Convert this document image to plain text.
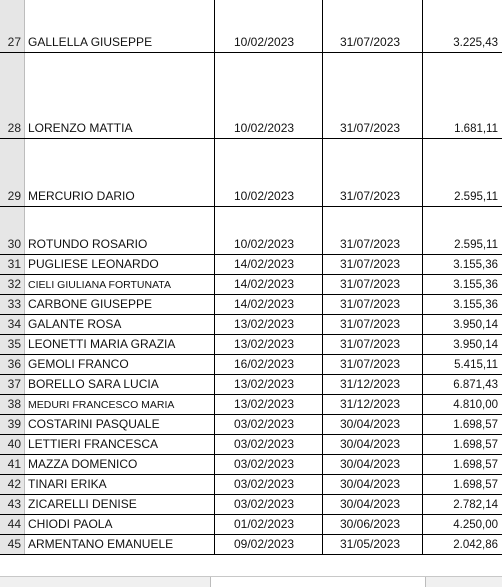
27 GALLELLA GIUSEPPE	10/02/2023	31/07/2023	3.225,43
28 LORENZO MATTIA	10/02/2023	31/07/2023	1.681,11
29 MERCURIO DARIO	10/02/2023	31/07/2023	2.595,11
30 ROTUNDO ROSARIO	10/02/2023	31/07/2023	2.595,11
31 PUGLIESE LEONARDO	14/02/2023	31/07/2023	3.155,36
32 CIELI GIULIANA FORTUNATA	14/02/2023	31/07/2023	3.155,36
33 CARBONE GIUSEPPE	14/02/2023	31/07/2023	3.155,36
34 GALANTE ROSA	13/02/2023	31/07/2023	3.950,14
35 LEONETTI MARIA GRAZIA	13/02/2023	31/07/2023	3.950,14
36 GEMOLI FRANCO	16/02/2023	31/07/2023	5.415,11
37 BORELLO SARA LUCIA	13/02/2023	31/12/2023	6.871,43
38 MEDURI FRANCESCO MARIA	13/02/2023	31/12/2023	4.810,00
39 COSTARINI PASQUALE	03/02/2023	30/04/2023	1.698,57
40 LETTIERI FRANCESCA	03/02/2023	30/04/2023	1.698,57
41 MAZZA DOMENICO	03/02/2023	30/04/2023	1.698,57
42 TINARI ERIKA	03/02/2023	30/04/2023	1.698,57
43 ZICARELLI DENISE	03/02/2023	30/04/2023	2.782,14
44 CHIODI PAOLA	01/02/2023	30/06/2023	4.250,00
45 ARMENTANO EMANUELE	09/02/2023	31/05/2023	2.042,86
